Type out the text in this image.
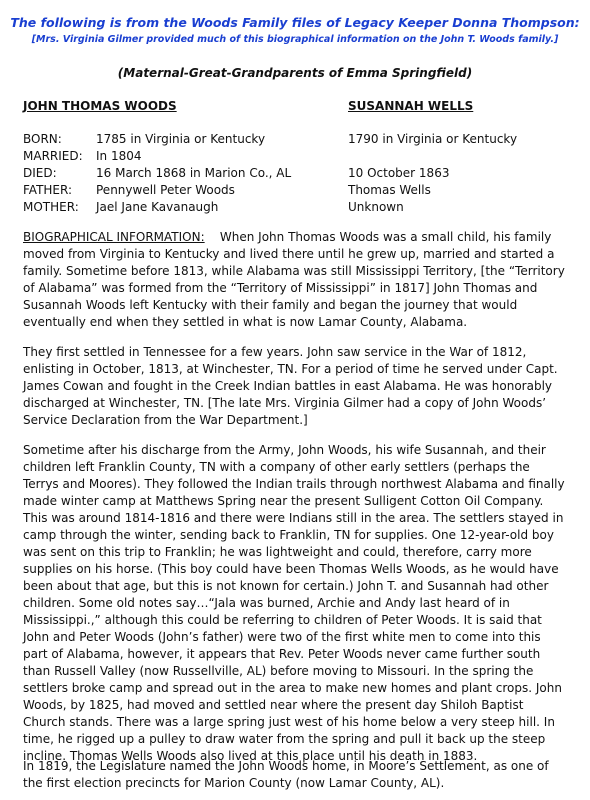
The following is from the Woods Family files of Legacy Keeper Donna Thompson:
[Mrs. Virginia Gilmer provided much of this biographical information on the John T. Woods family.]
(Maternal-Great-Grandparents of Emma Springfield)
JOHN THOMAS WOODS	SUSANNAH WELLS
BORN:	1785 in Virginia or Kentucky	1790 in Virginia or Kentucky
MARRIED:	In 1804
DIED:	16 March 1868 in Marion Co., AL	10 October 1863
FATHER:	Pennywell Peter Woods	Thomas Wells
MOTHER:	Jael Jane Kavanaugh	Unknown

BIOGRAPHICAL INFORMATION: When John Thomas Woods was a small child, his family moved from Virginia to Kentucky and lived there until he grew up, married and started a family. Sometime before 1813, while Alabama was still Mississippi Territory, [the “Territory of Alabama” was formed from the “Territory of Mississippi” in 1817] John Thomas and Susannah Woods left Kentucky with their family and began the journey that would eventually end when they settled in what is now Lamar County, Alabama.

They first settled in Tennessee for a few years. John saw service in the War of 1812, enlisting in October, 1813, at Winchester, TN. For a period of time he served under Capt. James Cowan and fought in the Creek Indian battles in east Alabama. He was honorably discharged at Winchester, TN. [The late Mrs. Virginia Gilmer had a copy of John Woods’ Service Declaration from the War Department.]

Sometime after his discharge from the Army, John Woods, his wife Susannah, and their children left Franklin County, TN with a company of other early settlers (perhaps the Terrys and Moores). They followed the Indian trails through northwest Alabama and finally made winter camp at Matthews Spring near the present Sulligent Cotton Oil Company. This was around 1814-1816 and there were Indians still in the area. The settlers stayed in camp through the winter, sending back to Franklin, TN for supplies. One 12-year-old boy was sent on this trip to Franklin; he was lightweight and could, therefore, carry more supplies on his horse. (This boy could have been Thomas Wells Woods, as he would have been about that age, but this is not known for certain.) John T. and Susannah had other children. Some old notes say…“Jala was burned, Archie and Andy last heard of in Mississippi.,” although this could be referring to children of Peter Woods. It is said that John and Peter Woods (John’s father) were two of the first white men to come into this part of Alabama, however, it appears that Rev. Peter Woods never came further south than Russell Valley (now Russellville, AL) before moving to Missouri. In the spring the settlers broke camp and spread out in the area to make new homes and plant crops. John Woods, by 1825, had moved and settled near where the present day Shiloh Baptist Church stands. There was a large spring just west of his home below a very steep hill. In time, he rigged up a pulley to draw water from the spring and pull it back up the steep incline. Thomas Wells Woods also lived at this place until his death in 1883.

In 1819, the Legislature named the John Woods home, in Moore’s Settlement, as one of the first election precincts for Marion County (now Lamar County, AL).
